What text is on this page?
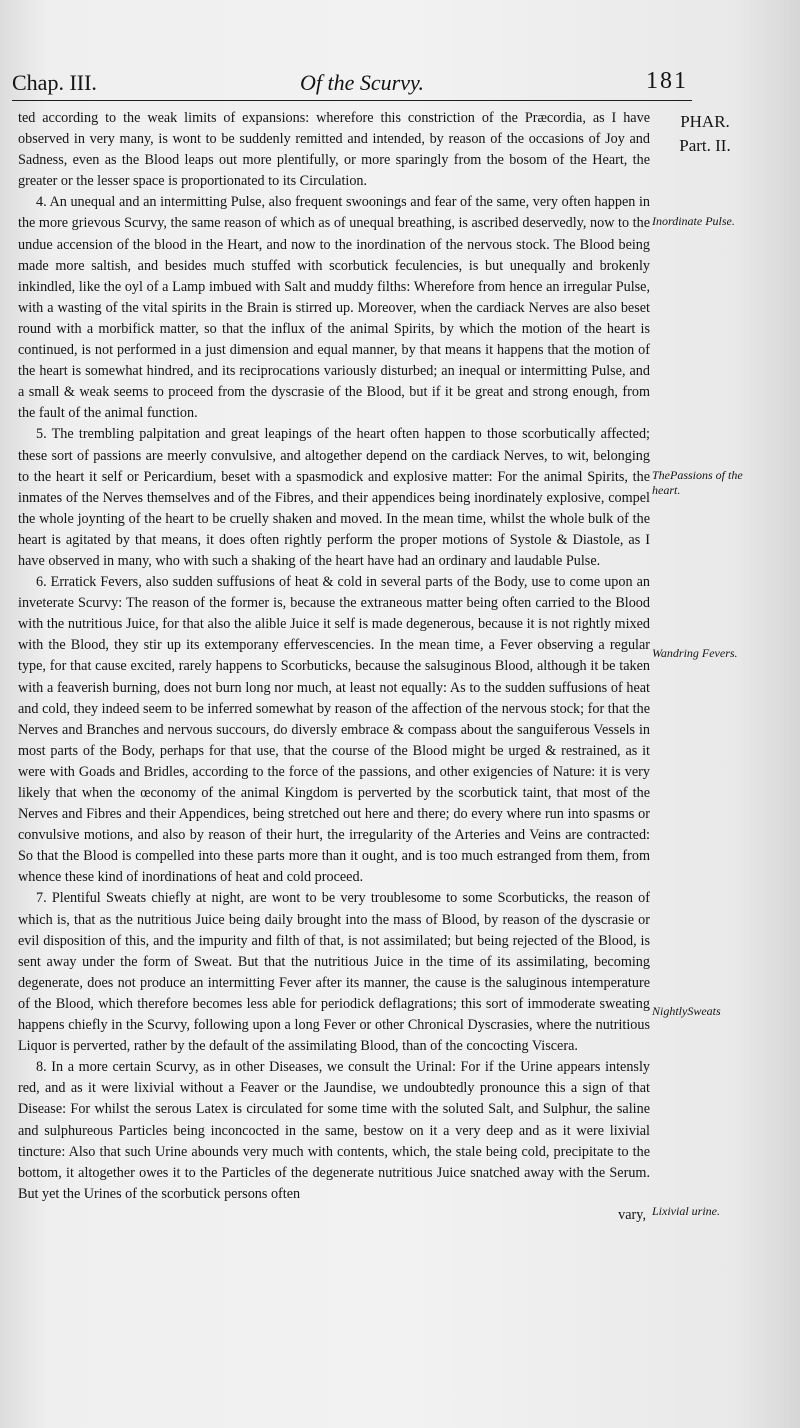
Chap. III.	Of the Scurvy.	181
PHAR.
Part. II.
Inordinate Pulse.
ThePassions of the heart.
Wandring Fevers.
NightlySweats
Lixivial urine.

ted according to the weak limits of expansions: wherefore this constriction of the Præcordia, as I have observed in very many, is wont to be suddenly remitted and intended, by reason of the occasions of Joy and Sadness, even as the Blood leaps out more plentifully, or more sparingly from the bosom of the Heart, the greater or the lesser space is proportionated to its Circulation.

4. An unequal and an intermitting Pulse, also frequent swoonings and fear of the same, very often happen in the more grievous Scurvy, the same reason of which as of unequal breathing, is ascribed deservedly, now to the undue accension of the blood in the Heart, and now to the inordination of the nervous stock. The Blood being made more saltish, and besides much stuffed with scorbutick feculencies, is but unequally and brokenly inkindled, like the oyl of a Lamp imbued with Salt and muddy filths: Wherefore from hence an irregular Pulse, with a wasting of the vital spirits in the Brain is stirred up. Moreover, when the cardiack Nerves are also beset round with a morbifick matter, so that the influx of the animal Spirits, by which the motion of the heart is continued, is not performed in a just dimension and equal manner, by that means it happens that the motion of the heart is somewhat hindred, and its reciprocations variously disturbed; an inequal or intermitting Pulse, and a small & weak seems to proceed from the dyscrasie of the Blood, but if it be great and strong enough, from the fault of the animal function.

5. The trembling palpitation and great leapings of the heart often happen to those scorbutically affected; these sort of passions are meerly convulsive, and altogether depend on the cardiack Nerves, to wit, belonging to the heart it self or Pericardium, beset with a spasmodick and explosive matter: For the animal Spirits, the inmates of the Nerves themselves and of the Fibres, and their appendices being inordinately explosive, compel the whole joynting of the heart to be cruelly shaken and moved. In the mean time, whilst the whole bulk of the heart is agitated by that means, it does often rightly perform the proper motions of Systole & Diastole, as I have observed in many, who with such a shaking of the heart have had an ordinary and laudable Pulse.

6. Erratick Fevers, also sudden suffusions of heat & cold in several parts of the Body, use to come upon an inveterate Scurvy: The reason of the former is, because the extraneous matter being often carried to the Blood with the nutritious Juice, for that also the alible Juice it self is made degenerous, because it is not rightly mixed with the Blood, they stir up its extemporany effervescencies. In the mean time, a Fever observing a regular type, for that cause excited, rarely happens to Scorbuticks, because the salsuginous Blood, although it be taken with a feaverish burning, does not burn long nor much, at least not equally: As to the sudden suffusions of heat and cold, they indeed seem to be inferred somewhat by reason of the affection of the nervous stock; for that the Nerves and Branches and nervous succours, do diversly embrace & compass about the sanguiferous Vessels in most parts of the Body, perhaps for that use, that the course of the Blood might be urged & restrained, as it were with Goads and Bridles, according to the force of the passions, and other exigencies of Nature: it is very likely that when the œconomy of the animal Kingdom is perverted by the scorbutick taint, that most of the Nerves and Fibres and their Appendices, being stretched out here and there; do every where run into spasms or convulsive motions, and also by reason of their hurt, the irregularity of the Arteries and Veins are contracted: So that the Blood is compelled into these parts more than it ought, and is too much estranged from them, from whence these kind of inordinations of heat and cold proceed.

7. Plentiful Sweats chiefly at night, are wont to be very troublesome to some Scorbuticks, the reason of which is, that as the nutritious Juice being daily brought into the mass of Blood, by reason of the dyscrasie or evil disposition of this, and the impurity and filth of that, is not assimilated; but being rejected of the Blood, is sent away under the form of Sweat. But that the nutritious Juice in the time of its assimilating, becoming degenerate, does not produce an intermitting Fever after its manner, the cause is the saluginous intemperature of the Blood, which therefore becomes less able for periodick deflagrations; this sort of immoderate sweating happens chiefly in the Scurvy, following upon a long Fever or other Chronical Dyscrasies, where the nutritious Liquor is perverted, rather by the default of the assimilating Blood, than of the concocting Viscera.

8. In a more certain Scurvy, as in other Diseases, we consult the Urinal: For if the Urine appears intensly red, and as it were lixivial without a Feaver or the Jaundise, we undoubtedly pronounce this a sign of that Disease: For whilst the serous Latex is circulated for some time with the soluted Salt, and Sulphur, the saline and sulphureous Particles being inconcocted in the same, bestow on it a very deep and as it were lixivial tincture: Also that such Urine abounds very much with contents, which, the stale being cold, precipitate to the bottom, it altogether owes it to the Particles of the degenerate nutritious Juice snatched away with the Serum. But yet the Urines of the scorbutick persons often

vary,
